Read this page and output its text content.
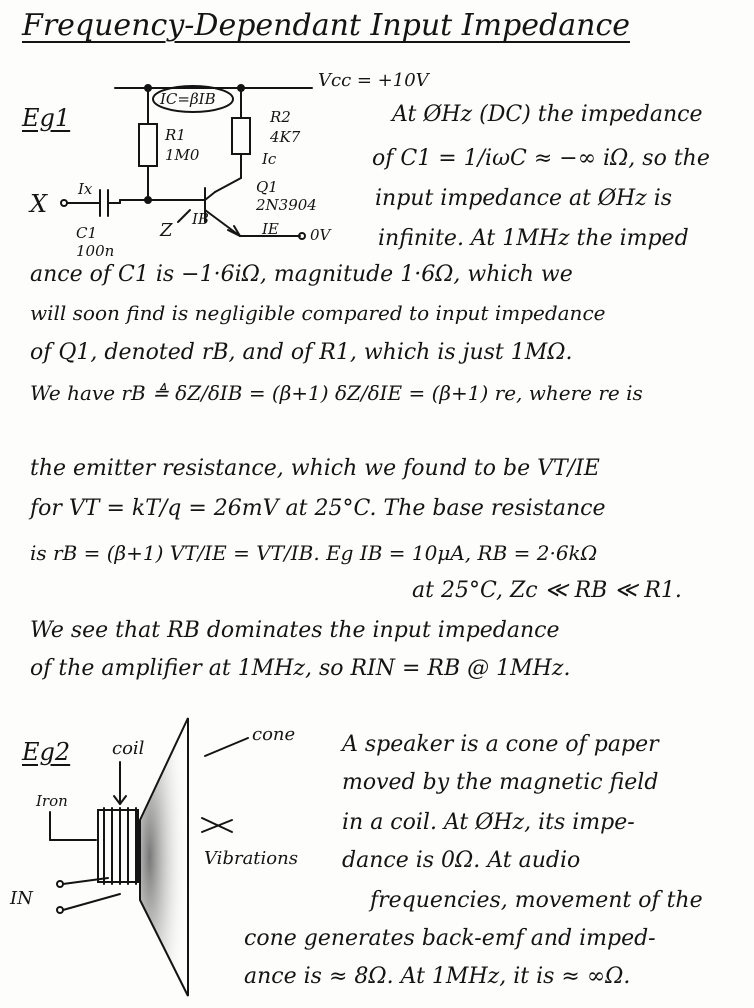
Frequency-Dependant Input Impedance
Eg1
Vcc = +10V
IC=βIB
R1
1M0
R2
4K7
Ic
Q1
2N3904
X
Ix
C1
100n
Z
IB
IE 0V
At ØHz (DC) the impedance
of C1 = 1/iωC ≈ −∞ iΩ, so the
input impedance at ØHz is
infinite. At 1MHz the imped
ance of C1 is −1·6iΩ, magnitude 1·6Ω, which we
will soon find is negligible compared to input impedance
of Q1, denoted rB, and of R1, which is just 1MΩ.
We have rB ≜ δZ/δIB = (β+1) δZ/δIE = (β+1) re, where re is
the emitter resistance, which we found to be VT/IE
for VT = kT/q = 26mV at 25°C. The base resistance
is rB = (β+1) VT/IE = VT/IB. Eg IB = 10μA, RB = 2·6kΩ
at 25°C, Zc ≪ RB ≪ R1.
We see that RB dominates the input impedance
of the amplifier at 1MHz, so RIN = RB @ 1MHz.
Eg2 coil
cone
Iron
IN
Vibrations
A speaker is a cone of paper
moved by the magnetic field
in a coil. At ØHz, its impe-
dance is 0Ω. At audio
frequencies, movement of the
cone generates back-emf and imped-
ance is ≈ 8Ω. At 1MHz, it is ≈ ∞Ω.
